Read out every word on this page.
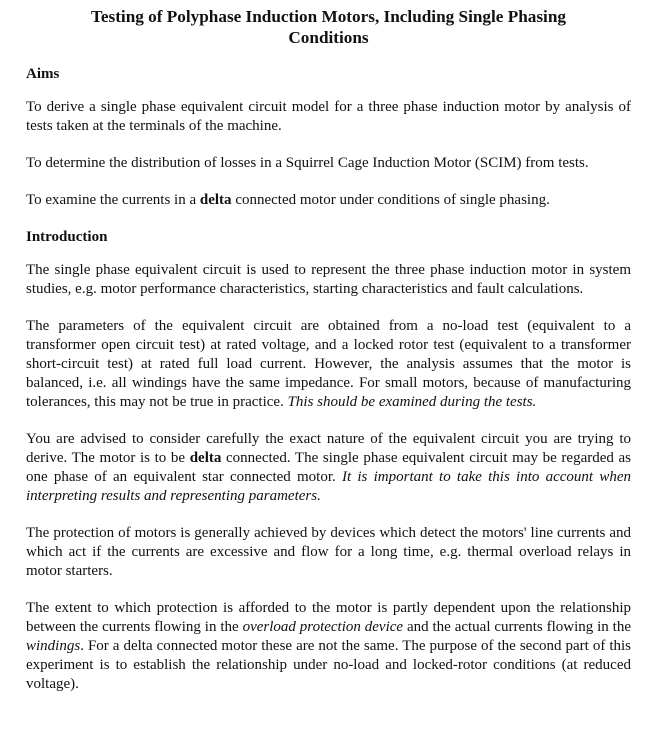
Testing of Polyphase Induction Motors, Including Single Phasing
Conditions
Aims

To derive a single phase equivalent circuit model for a three phase induction motor by analysis of tests taken at the terminals of the machine.

To determine the distribution of losses in a Squirrel Cage Induction Motor (SCIM) from tests.

To examine the currents in a delta connected motor under conditions of single phasing.

Introduction

The single phase equivalent circuit is used to represent the three phase induction motor in system studies, e.g. motor performance characteristics, starting characteristics and fault calculations.

The parameters of the equivalent circuit are obtained from a no-load test (equivalent to a transformer open circuit test) at rated voltage, and a locked rotor test (equivalent to a transformer short-circuit test) at rated full load current. However, the analysis assumes that the motor is balanced, i.e. all windings have the same impedance. For small motors, because of manufacturing tolerances, this may not be true in practice. This should be examined during the tests.

You are advised to consider carefully the exact nature of the equivalent circuit you are trying to derive. The motor is to be delta connected. The single phase equivalent circuit may be regarded as one phase of an equivalent star connected motor. It is important to take this into account when interpreting results and representing parameters.

The protection of motors is generally achieved by devices which detect the motors' line currents and which act if the currents are excessive and flow for a long time, e.g. thermal overload relays in motor starters.

The extent to which protection is afforded to the motor is partly dependent upon the relationship between the currents flowing in the overload protection device and the actual currents flowing in the windings. For a delta connected motor these are not the same. The purpose of the second part of this experiment is to establish the relationship under no-load and locked-rotor conditions (at reduced voltage).
